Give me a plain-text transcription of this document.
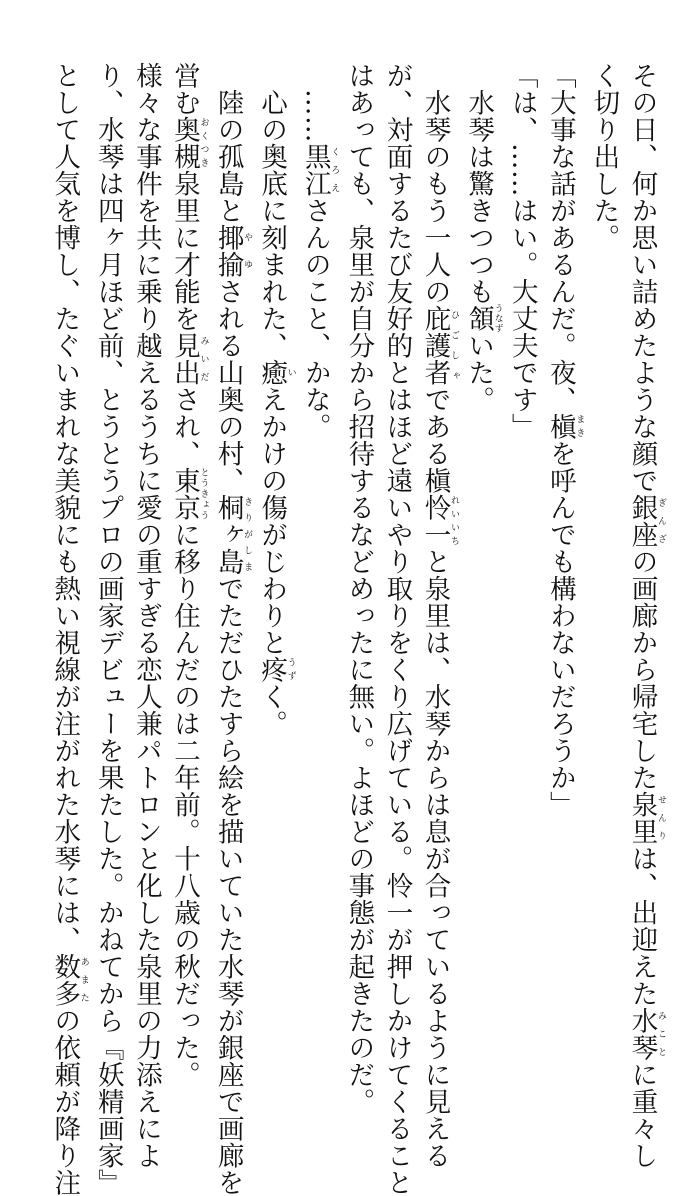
その日、何か思い詰めたような顔で銀座ぎんざの画廊から帰宅した泉里せんりは、出迎えた水琴みことに重々し
く切り出した。
「大事な話があるんだ。夜、槇まきを呼んでも構わないだろうか」
「は、……はい。大丈夫です」
　水琴は驚きつつも頷うなずいた。
　水琴のもう一人の庇護者ひごしゃである槇怜一れいいちと泉里は、水琴からは息が合っているように見える
が、対面するたび友好的とはほど遠いやり取りをくり広げている。怜一が押しかけてくること
はあっても、泉里が自分から招待するなどめったに無い。よほどの事態が起きたのだ。
　……黒江くろえさんのこと、かな。
　心の奥底に刻まれた、癒いえかけの傷がじわりと疼うずく。
　陸の孤島と揶揄やゆされる山奥の村、桐ヶ島きりがしまでただひたすら絵を描いていた水琴が銀座で画廊を
営む奥槻おくつき泉里に才能を見出みいだされ、東京とうきょうに移り住んだのは二年前。十八歳の秋だった。
様々な事件を共に乗り越えるうちに愛の重すぎる恋人兼パトロンと化した泉里の力添えによ
り、水琴は四ヶ月ほど前、とうとうプロの画家デビューを果たした。かねてから『妖精画家』
として人気を博し、たぐいまれな美貌にも熱い視線が注がれた水琴には、数多あまたの依頼が降り注
